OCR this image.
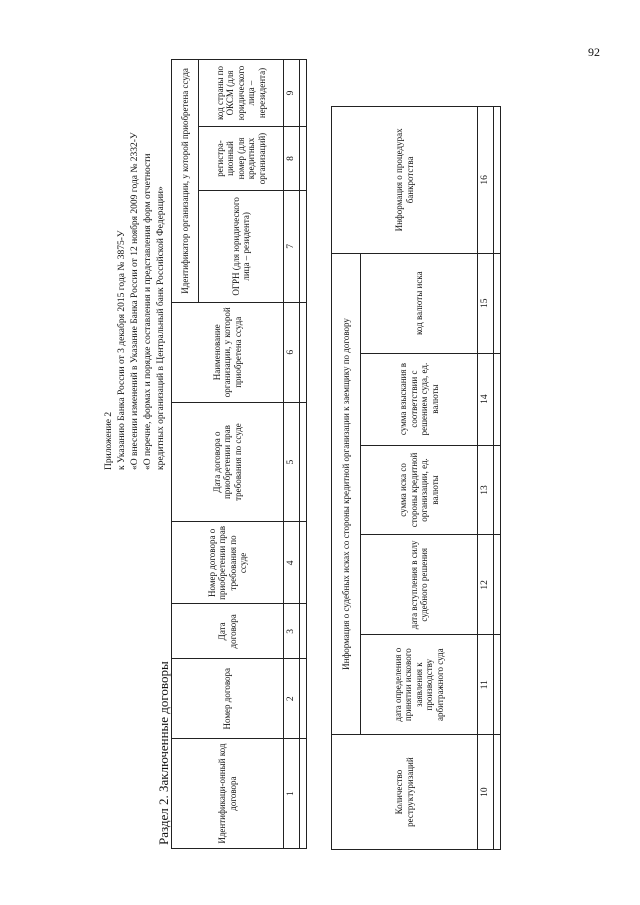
92
Приложение 2 к Указанию Банка России от 3 декабря 2015 года № 3875-У «О внесении изменений в Указание Банка России от 12 ноября 2009 года № 2332-У «О перечне, формах и порядке составления и представления форм отчетности кредитных организаций в Центральный банк Российской Федерации»
Раздел 2. Заключенные договоры	Идентификаци-онный код договора	Номер договора	Дата договора	Номер договора о приобретении прав требования по ссуде	Дата договора о приобретении прав требования по ссуде	Наименование организации, у которой приобретена ссуда	Идентификатор организации, у которой приобретена ссуда		
						ОГРН (для юридического лица – резидента)	регистра-ционный номер (для кредитных организаций)	код страны по ОКСМ (для юридического лица – нерезидента)
1	2	3	4	5	6	7	8	9

Количество реструктуризаций	Информация о судебных исках со стороны кредитной организации к заемщику по договору					Информация о процедурах банкротства
	дата определения о принятии искового заявления к производству арбитражного суда	дата вступления в силу судебного решения	сумма иска со стороны кредитной организации, ед. валюты	сумма взыскания в соответствии с решением суда, ед. валюты	код валюты иска	
10	11	12	13	14	15	16
